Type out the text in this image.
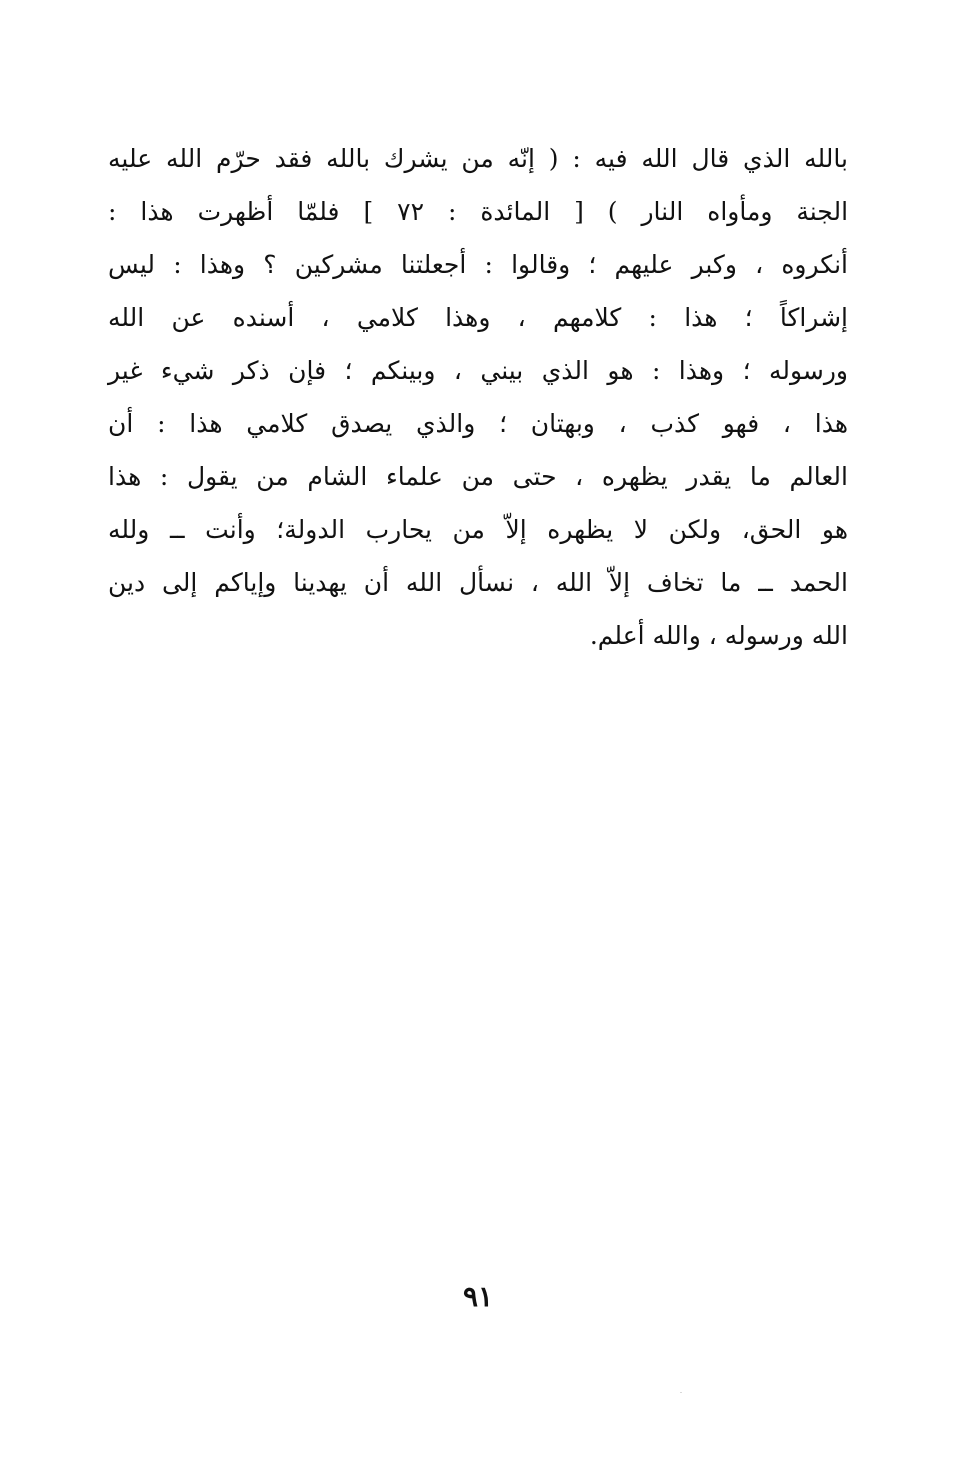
بالله الذي قال الله فيه : ( إنّه من يشرك بالله فقد حرّم الله عليه
الجنة ومأواه النار ) [ المائدة : ٧٢ ] فلمّا أظهرت هذا :
أنكروه ، وكبر عليهم ؛ وقالوا : أجعلتنا مشركين ؟ وهذا : ليس
إشراكاً ؛ هذا : كلامهم ، وهذا كلامي ، أسنده عن الله
ورسوله ؛ وهذا : هو الذي بيني ، وبينكم ؛ فإن ذكر شيء غير
هذا ، فهو كذب ، وبهتان ؛ والذي يصدق كلامي هذا : أن
العالم ما يقدر يظهره ، حتى من علماء الشام من يقول : هذا
هو الحق، ولكن لا يظهره إلاّ من يحارب الدولة؛ وأنت ــ ولله
الحمد ــ ما تخاف إلاّ الله ، نسأل الله أن يهدينا وإياكم إلى دين
الله ورسوله ، والله أعلم.
٩١
